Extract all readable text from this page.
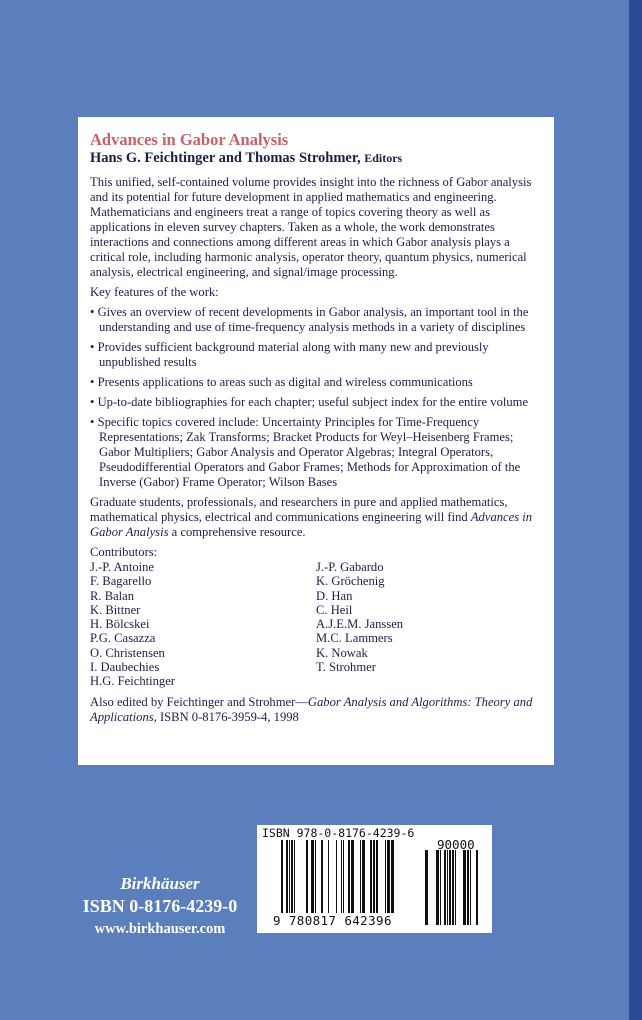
Advances in Gabor Analysis
Hans G. Feichtinger and Thomas Strohmer, Editors

This unified, self-contained volume provides insight into the richness of Gabor analysis and its potential for future development in applied mathematics and engineering. Mathematicians and engineers treat a range of topics covering theory as well as applications in eleven survey chapters. Taken as a whole, the work demonstrates interactions and connections among different areas in which Gabor analysis plays a critical role, including harmonic analysis, operator theory, quantum physics, numerical analysis, electrical engineering, and signal/image processing.

Key features of the work:

• Gives an overview of recent developments in Gabor analysis, an important tool in the understanding and use of time-frequency analysis methods in a variety of disciplines
• Provides sufficient background material along with many new and previously unpublished results
• Presents applications to areas such as digital and wireless communications
• Up-to-date bibliographies for each chapter; useful subject index for the entire volume
• Specific topics covered include: Uncertainty Principles for Time-Frequency Representations; Zak Transforms; Bracket Products for Weyl–Heisenberg Frames; Gabor Multipliers; Gabor Analysis and Operator Algebras; Integral Operators, Pseudodifferential Operators and Gabor Frames; Methods for Approximation of the Inverse (Gabor) Frame Operator; Wilson Bases

Graduate students, professionals, and researchers in pure and applied mathematics, mathematical physics, electrical and communications engineering will find Advances in Gabor Analysis a comprehensive resource.

Contributors:
J.-P. Antoine
F. Bagarello
R. Balan
K. Bittner
H. Bölcskei
P.G. Casazza
O. Christensen
I. Daubechies
H.G. Feichtinger
J.-P. Gabardo
K. Gröchenig
D. Han
C. Heil
A.J.E.M. Janssen
M.C. Lammers
K. Nowak
T. Strohmer

Also edited by Feichtinger and Strohmer—Gabor Analysis and Algorithms: Theory and Applications, ISBN 0-8176-3959-4, 1998

Birkhäuser
ISBN 0-8176-4239-0
www.birkhauser.com
ISBN 978-0-8176-4239-6
90000
9 780817 642396
